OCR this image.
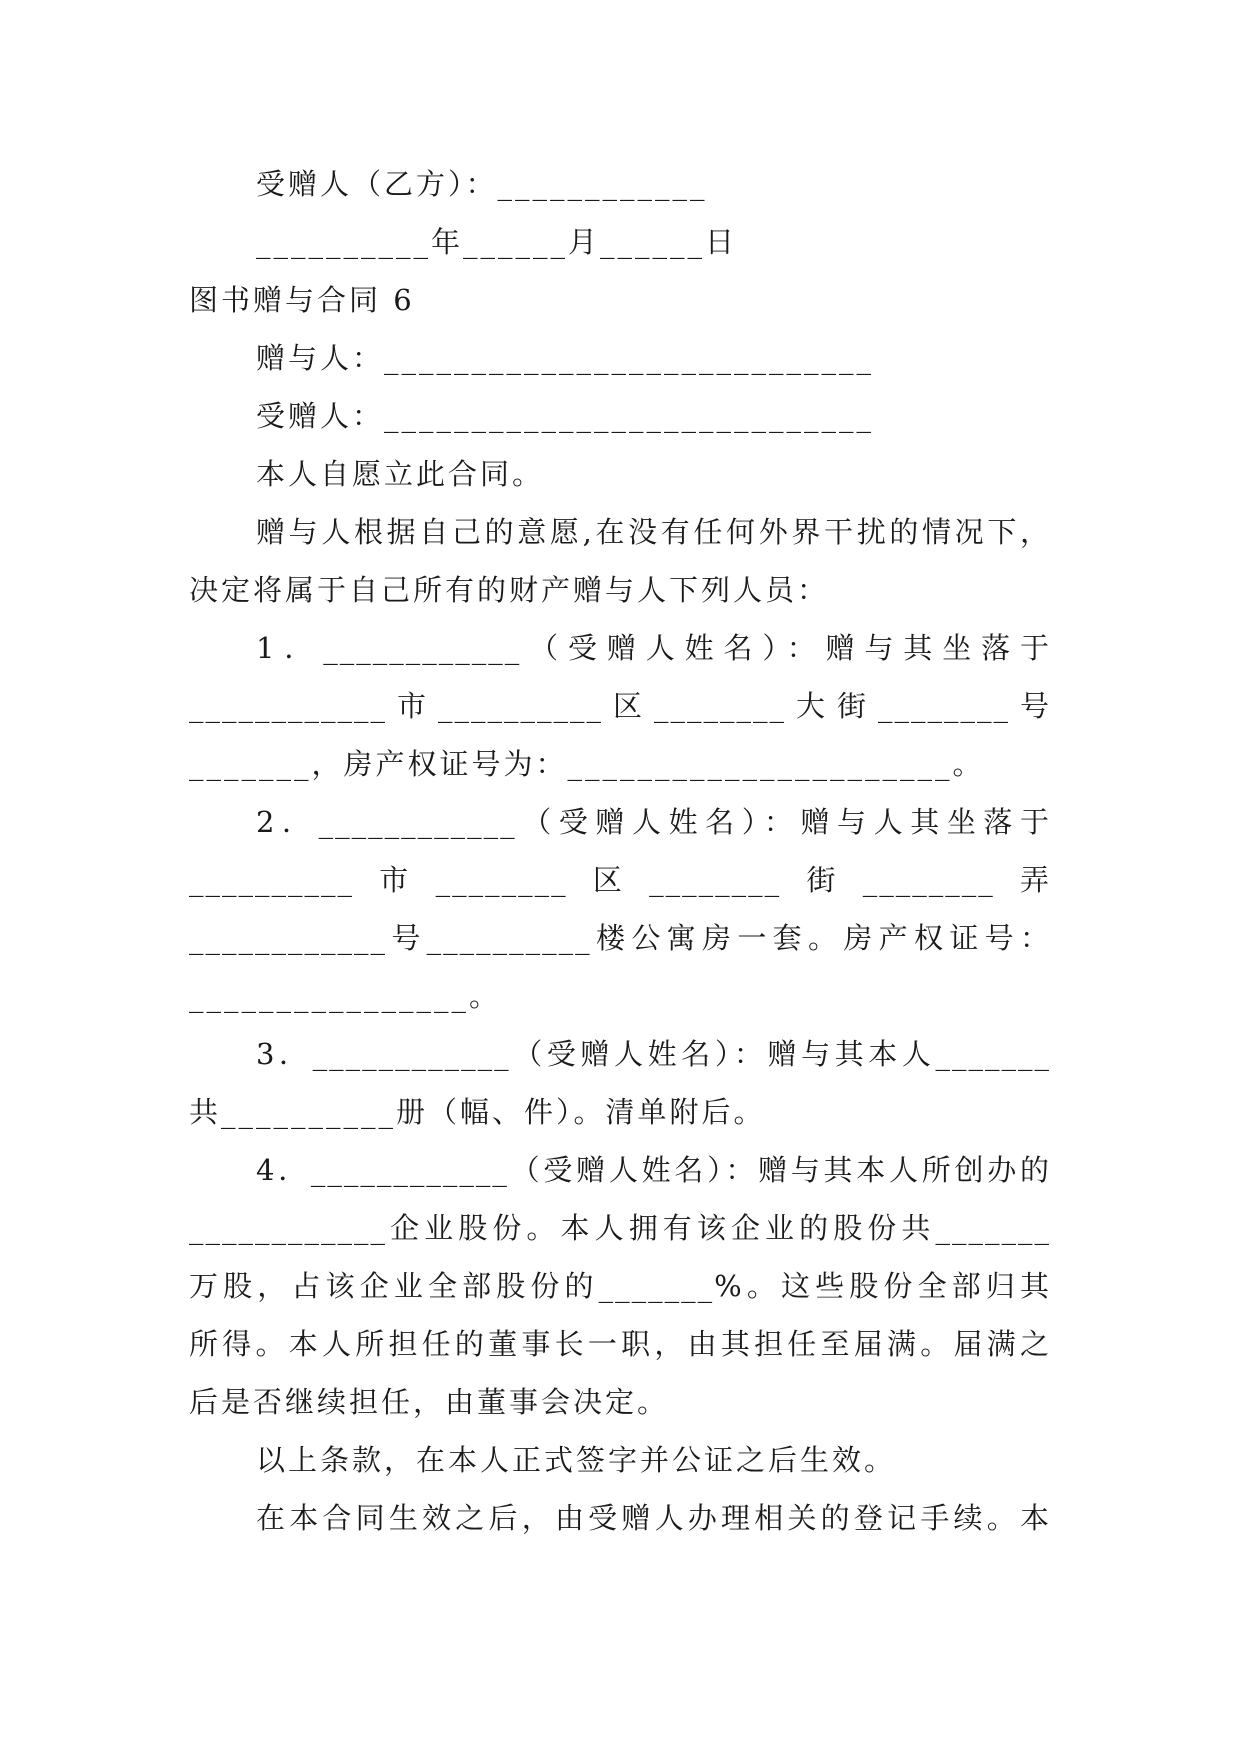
受赠人（乙方）：____________
__________年______月______日
图书赠与合同 6
赠与人：____________________________
受赠人：____________________________
本人自愿立此合同。
赠与人根据自己的意愿,在没有任何外界干扰的情况下，
决定将属于自己所有的财产赠与人下列人员：
1．____________（受赠人姓名）：赠与其坐落于
____________市__________区________大街________号
_______，房产权证号为：______________________。
2．____________（受赠人姓名）：赠与人其坐落于
__________市________区________街________弄
____________号__________楼公寓房一套。房产权证号：
________________。
3．____________（受赠人姓名）：赠与其本人_______
共__________册（幅、件）。清单附后。
4．____________（受赠人姓名）：赠与其本人所创办的
____________企业股份。本人拥有该企业的股份共_______
万股，占该企业全部股份的_______%。这些股份全部归其
所得。本人所担任的董事长一职，由其担任至届满。届满之
后是否继续担任，由董事会决定。
以上条款，在本人正式签字并公证之后生效。
在本合同生效之后，由受赠人办理相关的登记手续。本
